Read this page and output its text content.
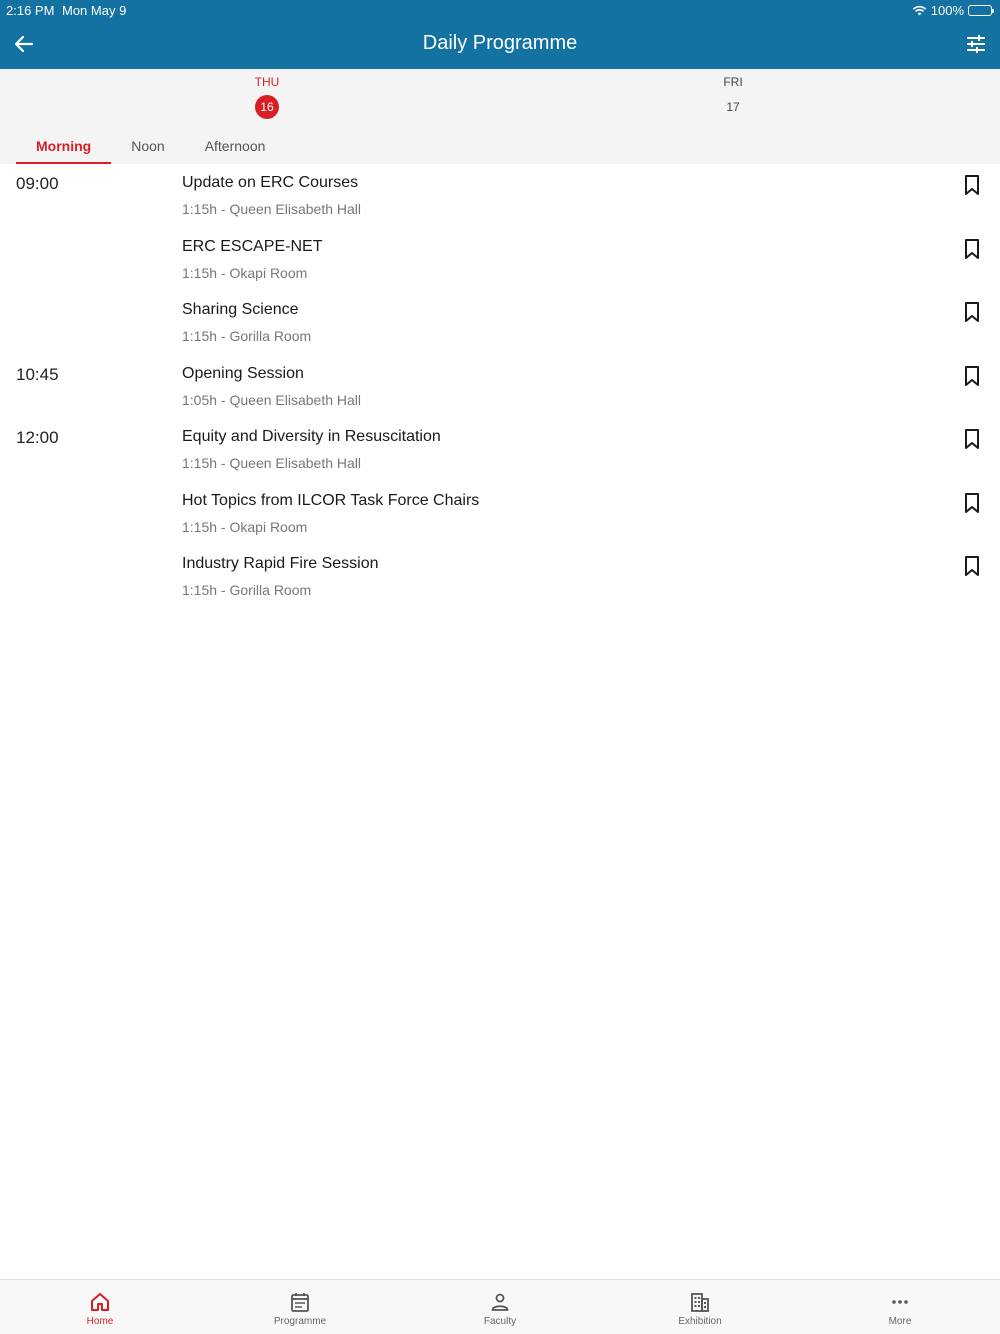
2:16 PM Mon May 9	100%
Daily Programme
THU
16
FRI
17
Morning	Noon	Afternoon
09:00	Update on ERC Courses
1:15h - Queen Elisabeth Hall
ERC ESCAPE-NET
1:15h - Okapi Room
Sharing Science
1:15h - Gorilla Room
10:45	Opening Session
1:05h - Queen Elisabeth Hall
12:00	Equity and Diversity in Resuscitation
1:15h - Queen Elisabeth Hall
Hot Topics from ILCOR Task Force Chairs
1:15h - Okapi Room
Industry Rapid Fire Session
1:15h - Gorilla Room
Home	Programme	Faculty	Exhibition	More
